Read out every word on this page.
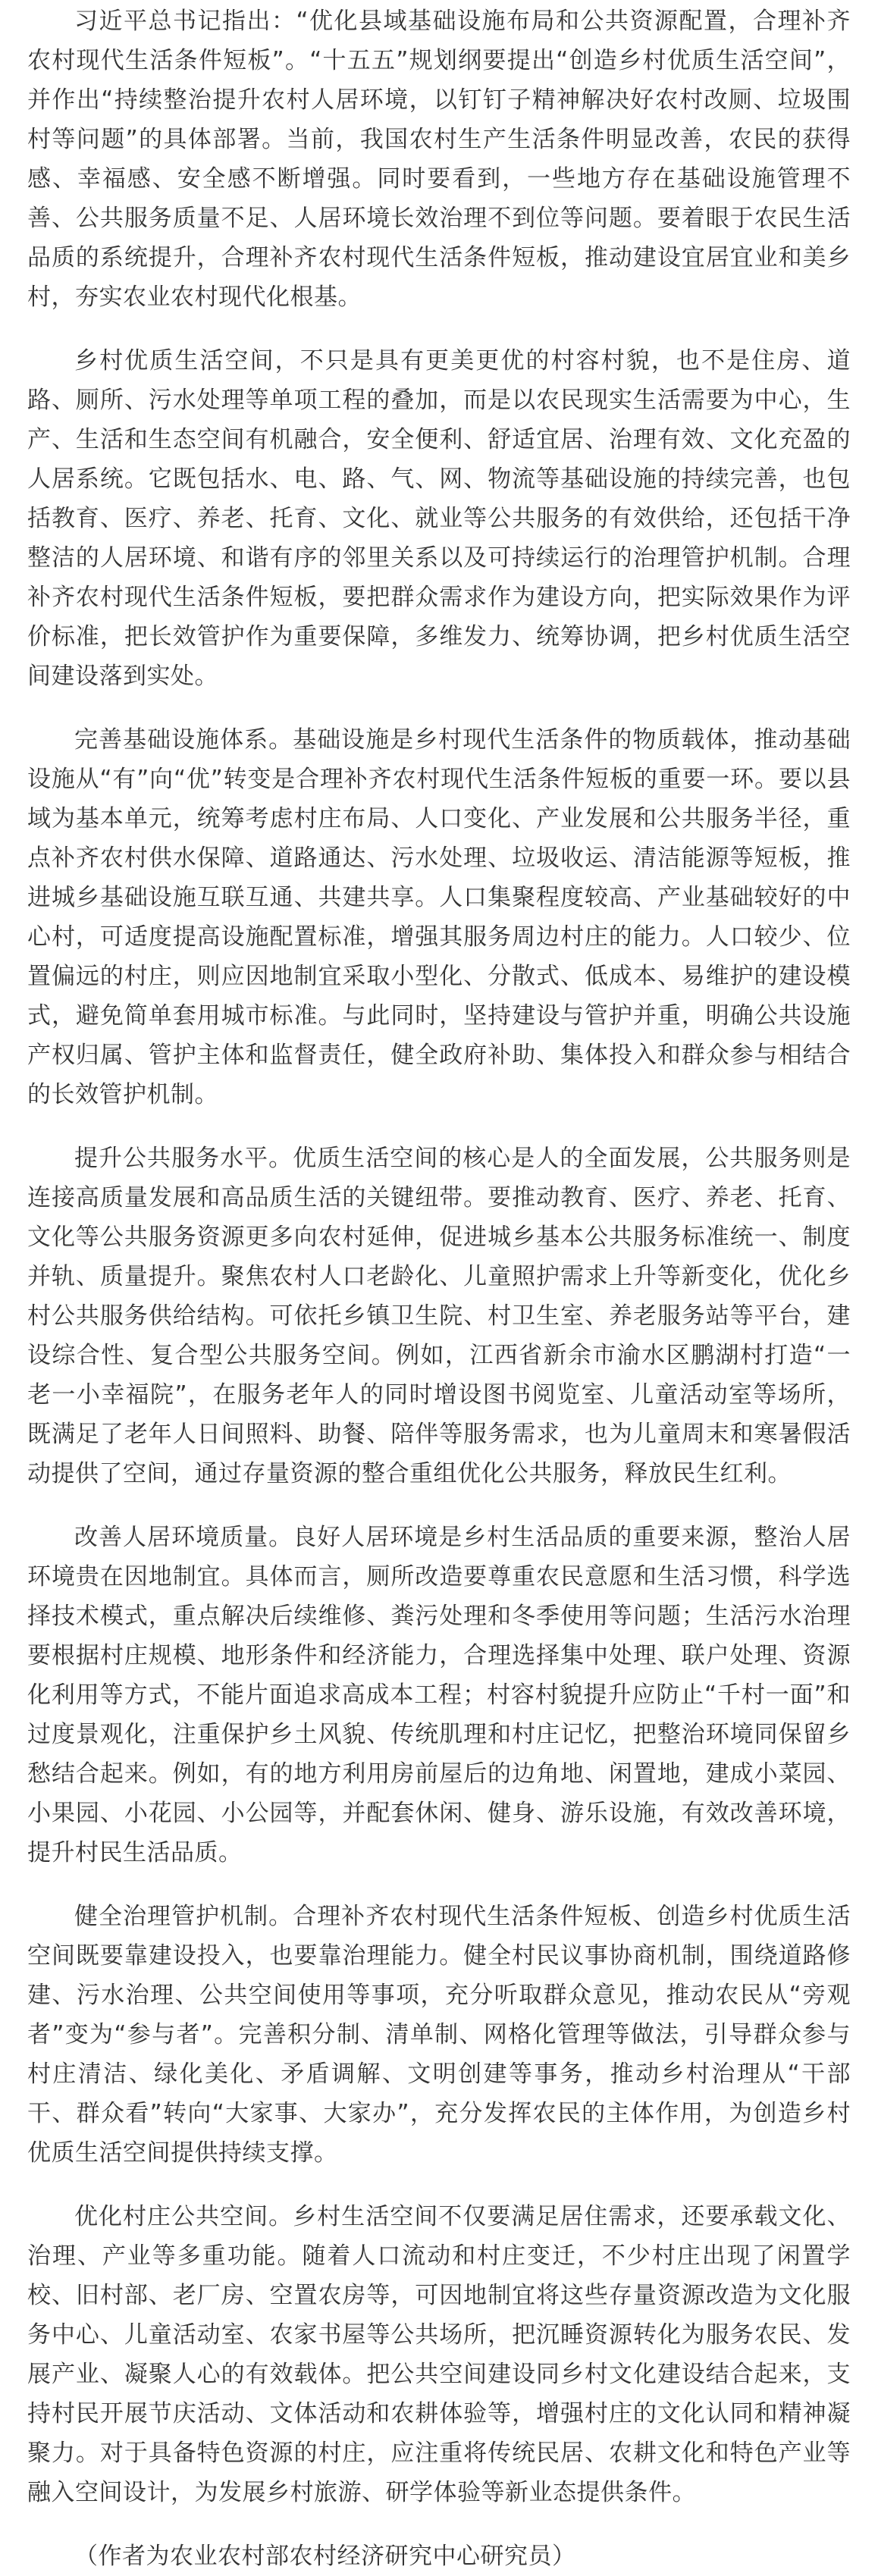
习近平总书记指出：“优化县域基础设施布局和公共资源配置，合理补齐农村现代生活条件短板”。“十五五”规划纲要提出“创造乡村优质生活空间”，并作出“持续整治提升农村人居环境，以钉钉子精神解决好农村改厕、垃圾围村等问题”的具体部署。当前，我国农村生产生活条件明显改善，农民的获得感、幸福感、安全感不断增强。同时要看到，一些地方存在基础设施管理不善、公共服务质量不足、人居环境长效治理不到位等问题。要着眼于农民生活品质的系统提升，合理补齐农村现代生活条件短板，推动建设宜居宜业和美乡村，夯实农业农村现代化根基。

乡村优质生活空间，不只是具有更美更优的村容村貌，也不是住房、道路、厕所、污水处理等单项工程的叠加，而是以农民现实生活需要为中心，生产、生活和生态空间有机融合，安全便利、舒适宜居、治理有效、文化充盈的人居系统。它既包括水、电、路、气、网、物流等基础设施的持续完善，也包括教育、医疗、养老、托育、文化、就业等公共服务的有效供给，还包括干净整洁的人居环境、和谐有序的邻里关系以及可持续运行的治理管护机制。合理补齐农村现代生活条件短板，要把群众需求作为建设方向，把实际效果作为评价标准，把长效管护作为重要保障，多维发力、统筹协调，把乡村优质生活空间建设落到实处。

完善基础设施体系。基础设施是乡村现代生活条件的物质载体，推动基础设施从“有”向“优”转变是合理补齐农村现代生活条件短板的重要一环。要以县域为基本单元，统筹考虑村庄布局、人口变化、产业发展和公共服务半径，重点补齐农村供水保障、道路通达、污水处理、垃圾收运、清洁能源等短板，推进城乡基础设施互联互通、共建共享。人口集聚程度较高、产业基础较好的中心村，可适度提高设施配置标准，增强其服务周边村庄的能力。人口较少、位置偏远的村庄，则应因地制宜采取小型化、分散式、低成本、易维护的建设模式，避免简单套用城市标准。与此同时，坚持建设与管护并重，明确公共设施产权归属、管护主体和监督责任，健全政府补助、集体投入和群众参与相结合的长效管护机制。

提升公共服务水平。优质生活空间的核心是人的全面发展，公共服务则是连接高质量发展和高品质生活的关键纽带。要推动教育、医疗、养老、托育、文化等公共服务资源更多向农村延伸，促进城乡基本公共服务标准统一、制度并轨、质量提升。聚焦农村人口老龄化、儿童照护需求上升等新变化，优化乡村公共服务供给结构。可依托乡镇卫生院、村卫生室、养老服务站等平台，建设综合性、复合型公共服务空间。例如，江西省新余市渝水区鹏湖村打造“一老一小幸福院”，在服务老年人的同时增设图书阅览室、儿童活动室等场所，既满足了老年人日间照料、助餐、陪伴等服务需求，也为儿童周末和寒暑假活动提供了空间，通过存量资源的整合重组优化公共服务，释放民生红利。

改善人居环境质量。良好人居环境是乡村生活品质的重要来源，整治人居环境贵在因地制宜。具体而言，厕所改造要尊重农民意愿和生活习惯，科学选择技术模式，重点解决后续维修、粪污处理和冬季使用等问题；生活污水治理要根据村庄规模、地形条件和经济能力，合理选择集中处理、联户处理、资源化利用等方式，不能片面追求高成本工程；村容村貌提升应防止“千村一面”和过度景观化，注重保护乡土风貌、传统肌理和村庄记忆，把整治环境同保留乡愁结合起来。例如，有的地方利用房前屋后的边角地、闲置地，建成小菜园、小果园、小花园、小公园等，并配套休闲、健身、游乐设施，有效改善环境，提升村民生活品质。

健全治理管护机制。合理补齐农村现代生活条件短板、创造乡村优质生活空间既要靠建设投入，也要靠治理能力。健全村民议事协商机制，围绕道路修建、污水治理、公共空间使用等事项，充分听取群众意见，推动农民从“旁观者”变为“参与者”。完善积分制、清单制、网格化管理等做法，引导群众参与村庄清洁、绿化美化、矛盾调解、文明创建等事务，推动乡村治理从“干部干、群众看”转向“大家事、大家办”，充分发挥农民的主体作用，为创造乡村优质生活空间提供持续支撑。

优化村庄公共空间。乡村生活空间不仅要满足居住需求，还要承载文化、治理、产业等多重功能。随着人口流动和村庄变迁，不少村庄出现了闲置学校、旧村部、老厂房、空置农房等，可因地制宜将这些存量资源改造为文化服务中心、儿童活动室、农家书屋等公共场所，把沉睡资源转化为服务农民、发展产业、凝聚人心的有效载体。把公共空间建设同乡村文化建设结合起来，支持村民开展节庆活动、文体活动和农耕体验等，增强村庄的文化认同和精神凝聚力。对于具备特色资源的村庄，应注重将传统民居、农耕文化和特色产业等融入空间设计，为发展乡村旅游、研学体验等新业态提供条件。

（作者为农业农村部农村经济研究中心研究员）
